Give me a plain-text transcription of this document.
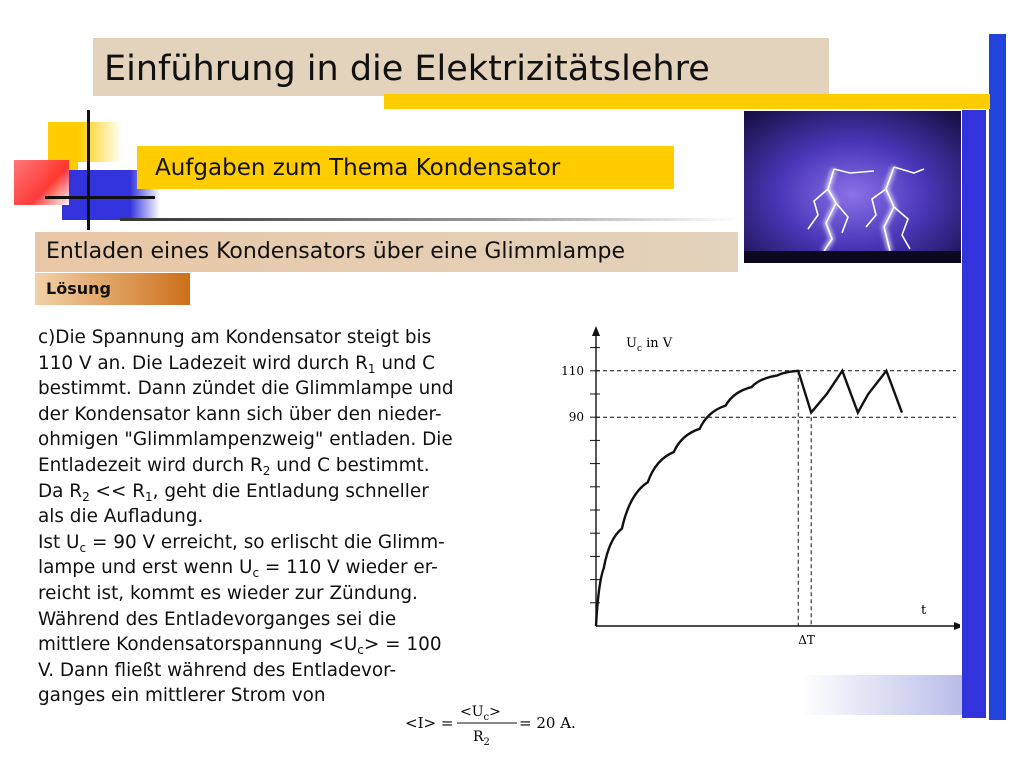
Einführung in die Elektrizitätslehre
Aufgaben zum Thema Kondensator
Entladen eines Kondensators über eine Glimmlampe
Lösung
c)Die Spannung am Kondensator steigt bis
110 V an. Die Ladezeit wird durch $R_1$ und C
bestimmt. Dann zündet die Glimmlampe und
der Kondensator kann sich über den nieder-
ohmigen "Glimmlampenzweig" entladen. Die
Entladezeit wird durch $R_2$ und C bestimmt.
Da $R_2 << R_1$, geht die Entladung schneller
als die Aufladung.
Ist $U_c = 90$ V erreicht, so erlischt die Glimm-
lampe und erst wenn $U_c = 110$ V wieder er-
reicht ist, kommt es wieder zur Zündung.
Während des Entladevorganges sei die
mittlere Kondensatorspannung $<U_c> = 100$
V. Dann fließt während des Entladevor-
ganges ein mittlerer Strom von
110
90
ΔT
$U_c$ in V
t
<I> =
$<U_c>$
$R_2$
= 20 A.
